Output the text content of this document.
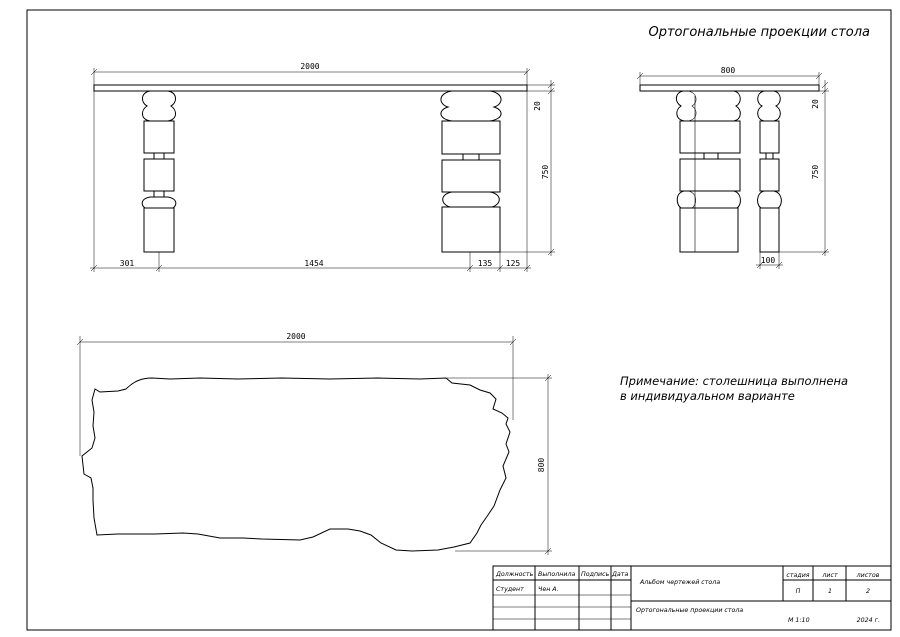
Ортогональные проекции стола
2000
20
750
301	1454	135 125
800
20
750
100
2000
800
Примечание: столешница выполнена
в индивидуальном варианте
Должность Выполнила Подпись Дата
Студент Чен А.
Альбом чертежей стола
Ортогональные проекции стола
стадия лист	листов
П	1	2
М 1:10	2024 г.
